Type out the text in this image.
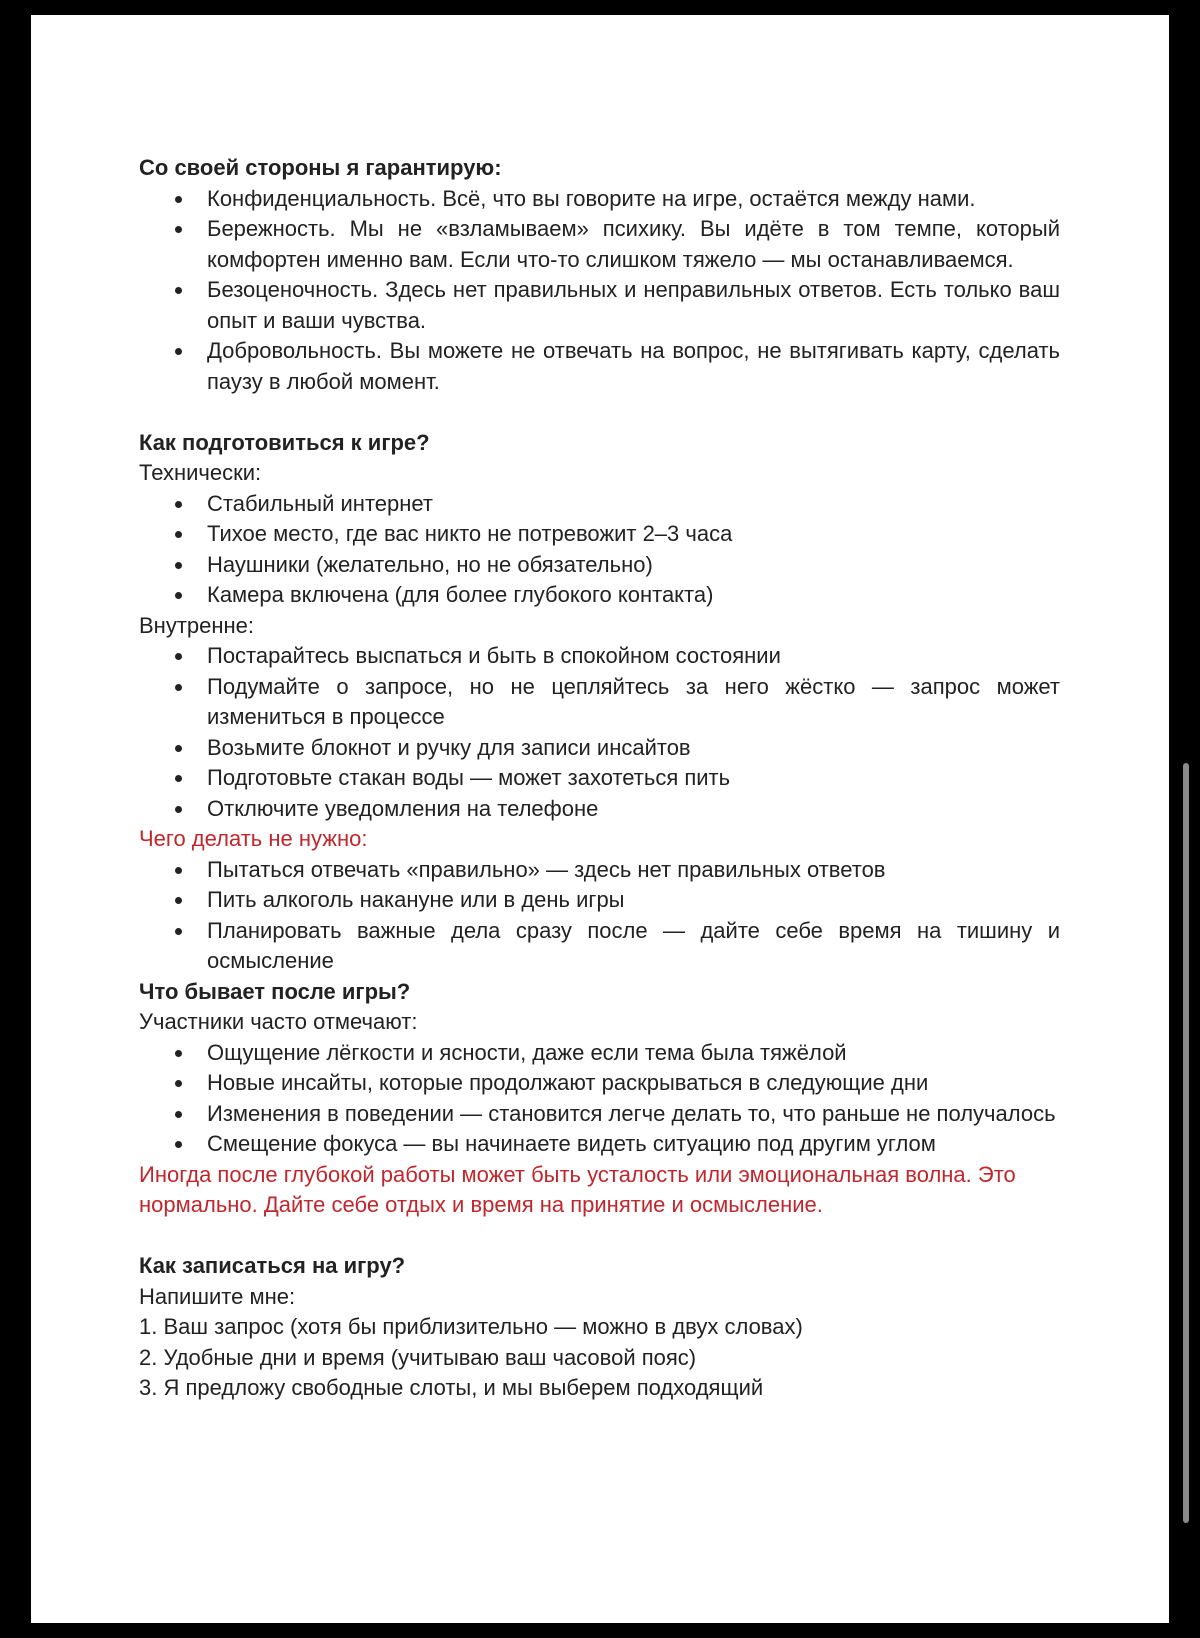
Со своей стороны я гарантирую:

Конфиденциальность. Всё, что вы говорите на игре, остаётся между нами.
Бережность. Мы не «взламываем» психику. Вы идёте в том темпе, который комфортен именно вам. Если что-то слишком тяжело — мы останавливаемся.
Безоценочность. Здесь нет правильных и неправильных ответов. Есть только ваш опыт и ваши чувства.
Добровольность. Вы можете не отвечать на вопрос, не вытягивать карту, сделать паузу в любой момент.

Как подготовиться к игре?

Технически:

Стабильный интернет
Тихое место, где вас никто не потревожит 2–3 часа
Наушники (желательно, но не обязательно)
Камера включена (для более глубокого контакта)

Внутренне:

Постарайтесь выспаться и быть в спокойном состоянии
Подумайте о запросе, но не цепляйтесь за него жёстко — запрос может измениться в процессе
Возьмите блокнот и ручку для записи инсайтов
Подготовьте стакан воды — может захотеться пить
Отключите уведомления на телефоне

Чего делать не нужно:

Пытаться отвечать «правильно» — здесь нет правильных ответов
Пить алкоголь накануне или в день игры
Планировать важные дела сразу после — дайте себе время на тишину и осмысление

Что бывает после игры?

Участники часто отмечают:

Ощущение лёгкости и ясности, даже если тема была тяжёлой
Новые инсайты, которые продолжают раскрываться в следующие дни
Изменения в поведении — становится легче делать то, что раньше не получалось
Смещение фокуса — вы начинаете видеть ситуацию под другим углом

Иногда после глубокой работы может быть усталость или эмоциональная волна. Это нормально. Дайте себе отдых и время на принятие и осмысление.

Как записаться на игру?

Напишите мне:

1. Ваш запрос (хотя бы приблизительно — можно в двух словах)
2. Удобные дни и время (учитываю ваш часовой пояс)
3. Я предложу свободные слоты, и мы выберем подходящий
